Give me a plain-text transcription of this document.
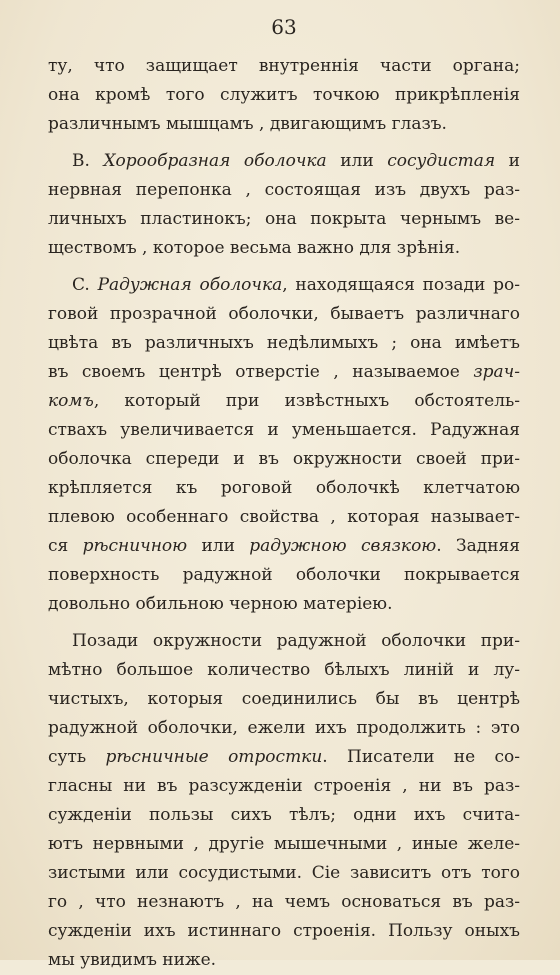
63
ту, что защищает внутреннія части органа;
она кромѣ того служитъ точкою прикрѣпленія
различнымъ мышцамъ , двигающимъ глазъ.
B. Хорообразная оболочка или сосудистая и
нервная перепонка , состоящая изъ двухъ раз-
личныхъ пластинокъ; она покрыта чернымъ ве-
ществомъ , которое весьма важно для зрѣнія.
C. Радужная оболочка, находящаяся позади ро-
говой прозрачной оболочки, бываетъ различнаго
цвѣта въ различныхъ недѣлимыхъ ; она имѣетъ
въ своемъ центрѣ отверстіе , называемое зрач-
комъ, который при извѣстныхъ обстоятель-
ствахъ увеличивается и уменьшается. Радужная
оболочка спереди и въ окружности своей при-
крѣпляется къ роговой оболочкѣ клетчатою
плевою особеннаго свойства , которая называет-
ся рѣсничною или радужною связкою. Задняя
поверхность радужной оболочки покрывается
довольно обильною черною матеріею.
Позади окружности радужной оболочки при-
мѣтно большое количество бѣлыхъ линій и лу-
чистыхъ, которыя соединились бы въ центрѣ
радужной оболочки, ежели ихъ продолжить : это
суть рѣсничные отростки. Писатели не со-
гласны ни въ разсужденіи строенія , ни въ раз-
сужденіи пользы сихъ тѣлъ; одни ихъ считa-
ютъ нервными , другіе мышечными , иные желе-
зистыми или сосудистыми. Сіе зависитъ отъ того
го , что незнаютъ , на чемъ основаться въ раз-
сужденіи ихъ истиннаго строенія. Пользу оныхъ
мы увидимъ ниже.
